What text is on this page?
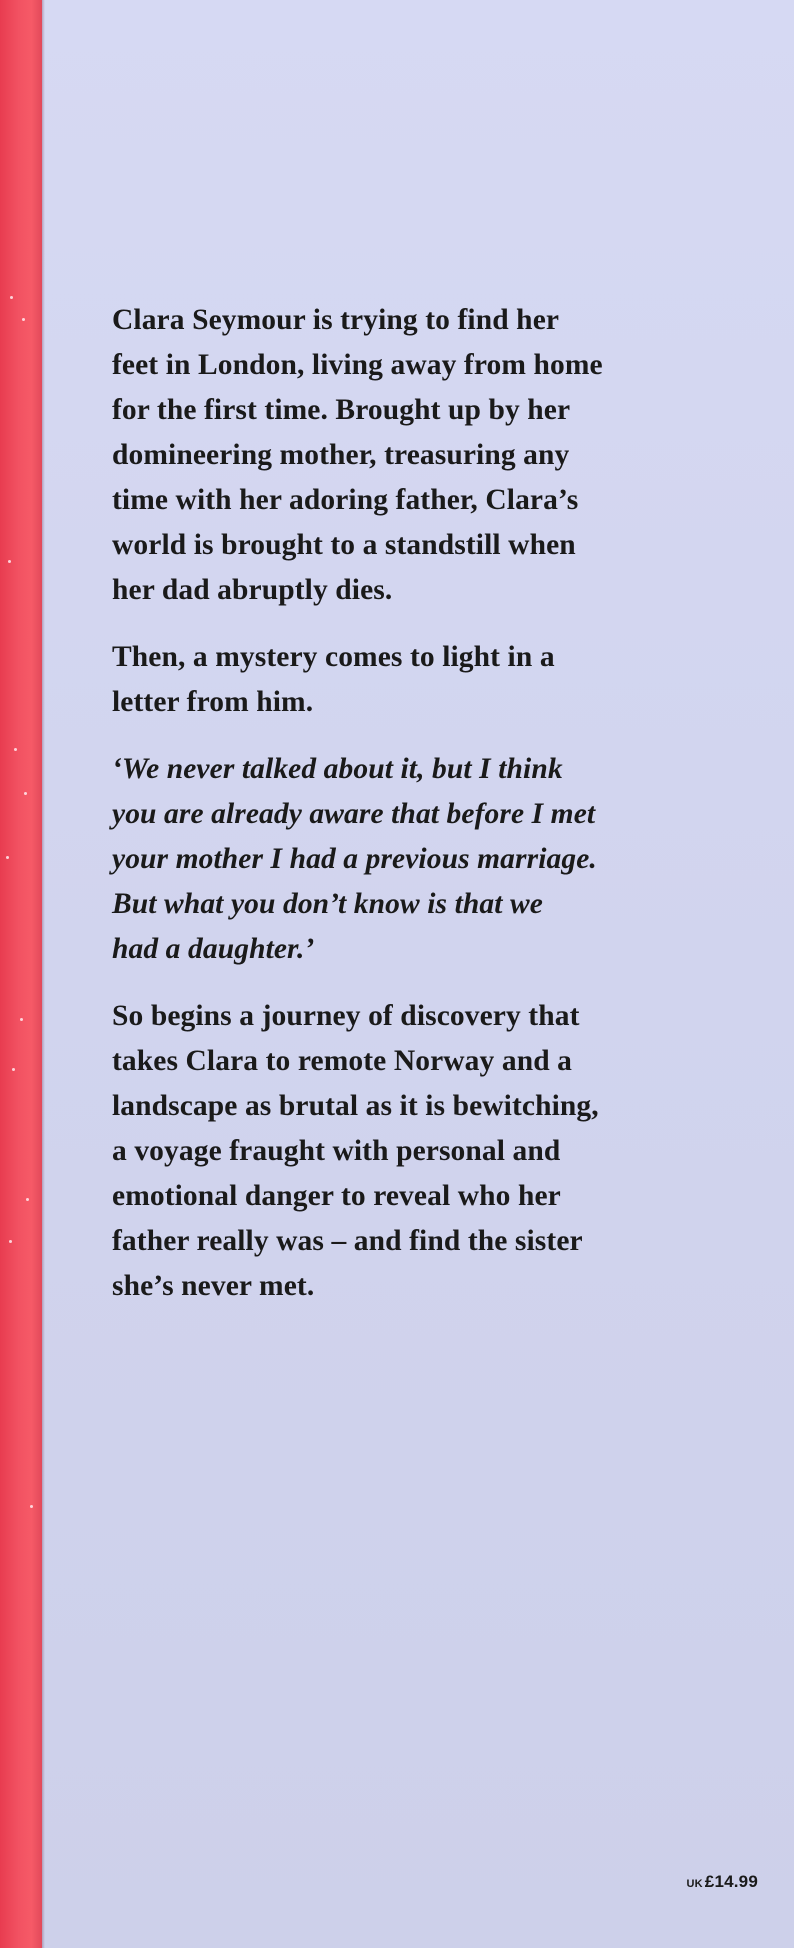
Clara Seymour is trying to find her
feet in London, living away from home
for the first time. Brought up by her
domineering mother, treasuring any
time with her adoring father, Clara’s
world is brought to a standstill when
her dad abruptly dies.

Then, a mystery comes to light in a
letter from him.

‘We never talked about it, but I think
you are already aware that before I met
your mother I had a previous marriage.
But what you don’t know is that we
had a daughter.’

So begins a journey of discovery that
takes Clara to remote Norway and a
landscape as brutal as it is bewitching,
a voyage fraught with personal and
emotional danger to reveal who her
father really was – and find the sister
she’s never met.

UK £14.99
